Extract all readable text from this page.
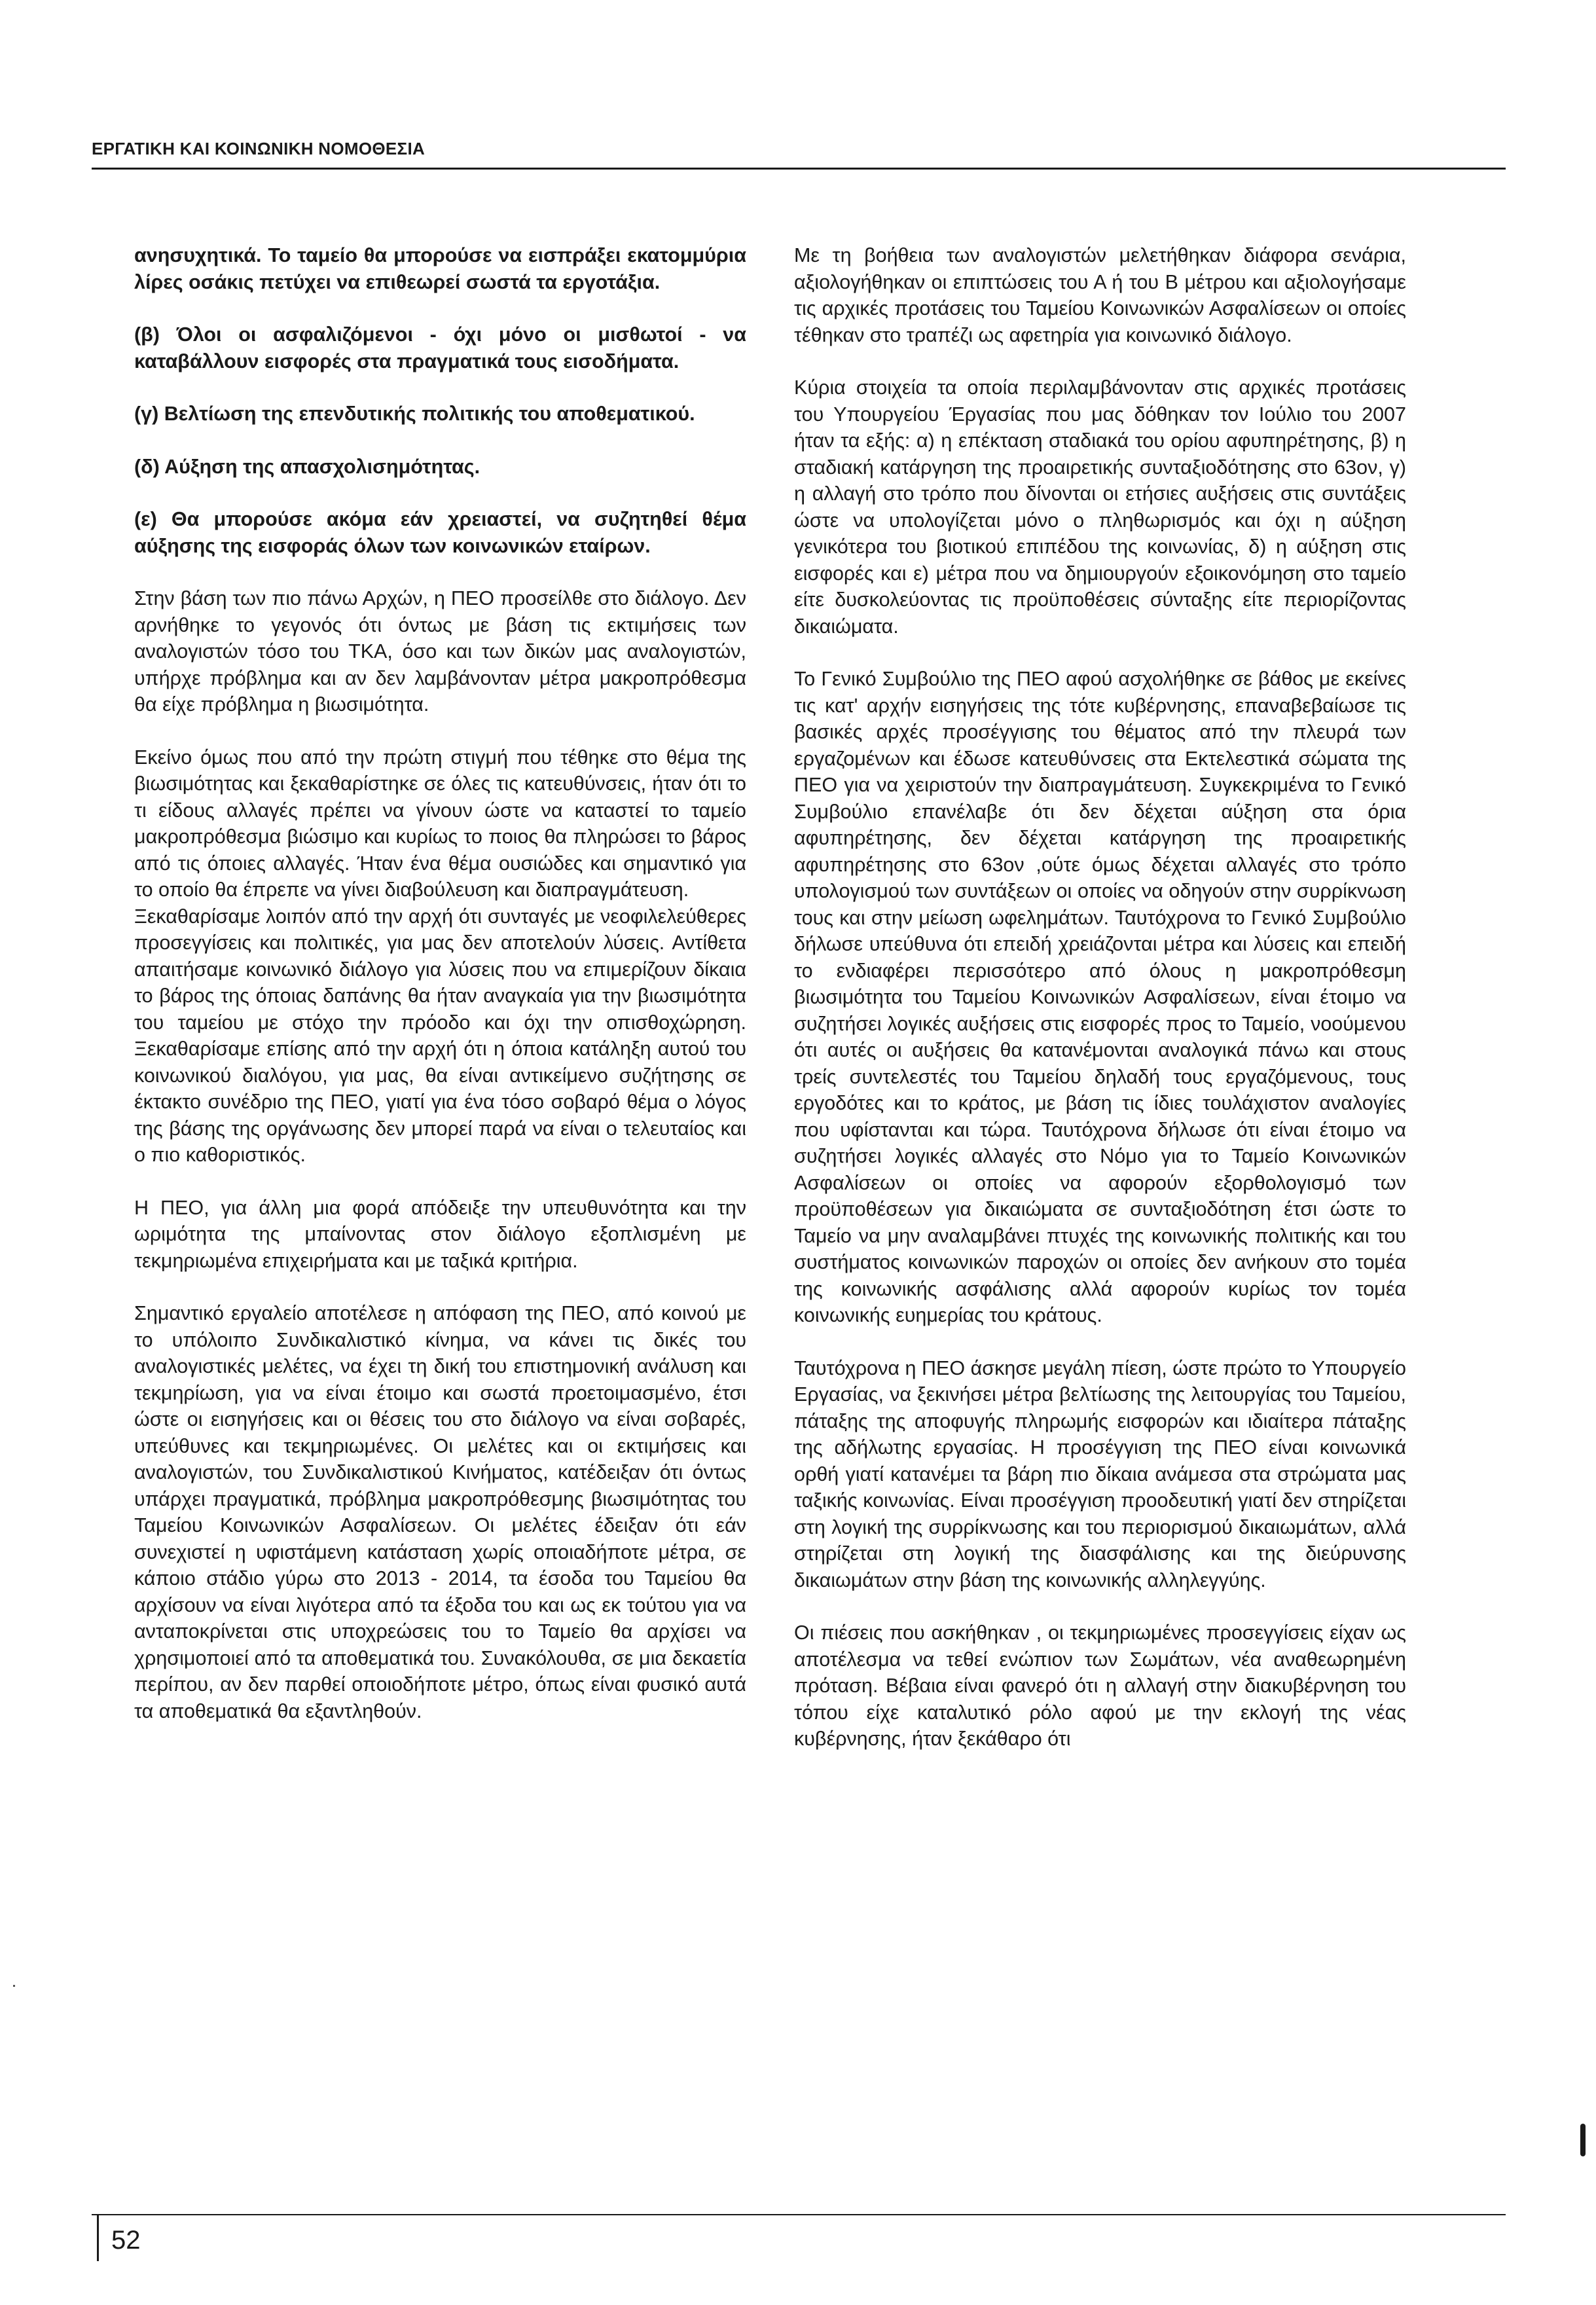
ΕΡΓΑΤΙΚΗ ΚΑΙ ΚΟΙΝΩΝΙΚΗ ΝΟΜΟΘΕΣΙΑ

ανησυχητικά. Το ταμείο θα μπορούσε να εισπράξει εκατομμύρια λίρες οσάκις πετύχει να επιθεωρεί σωστά τα εργοτάξια.

(β) Όλοι οι ασφαλιζόμενοι - όχι μόνο οι μισθωτοί - να καταβάλλουν εισφορές στα πραγματικά τους εισοδήματα.

(γ) Βελτίωση της επενδυτικής πολιτικής του αποθεματικού.

(δ) Αύξηση της απασχολισημότητας.

(ε) Θα μπορούσε ακόμα εάν χρειαστεί, να συζητηθεί θέμα αύξησης της εισφοράς όλων των κοινωνικών εταίρων.

Στην βάση των πιο πάνω Αρχών, η ΠΕΟ προσείλθε στο διάλογο. Δεν αρνήθηκε το γεγονός ότι όντως με βάση τις εκτιμήσεις των αναλογιστών τόσο του ΤΚΑ, όσο και των δικών μας αναλογιστών, υπήρχε πρόβλημα και αν δεν λαμβάνονταν μέτρα μακροπρόθεσμα θα είχε πρόβλημα η βιωσιμότητα.

Εκείνο όμως που από την πρώτη στιγμή που τέθηκε στο θέμα της βιωσιμότητας και ξεκαθαρίστηκε σε όλες τις κατευθύνσεις, ήταν ότι το τι είδους αλλαγές πρέπει να γίνουν ώστε να καταστεί το ταμείο μακροπρόθεσμα βιώσιμο και κυρίως το ποιος θα πληρώσει το βάρος από τις όποιες αλλαγές. Ήταν ένα θέμα ουσιώδες και σημαντικό για το οποίο θα έπρεπε να γίνει διαβούλευση και διαπραγμάτευση.

Ξεκαθαρίσαμε λοιπόν από την αρχή ότι συνταγές με νεοφιλελεύθερες προσεγγίσεις και πολιτικές, για μας δεν αποτελούν λύσεις. Αντίθετα απαιτήσαμε κοινωνικό διάλογο για λύσεις που να επιμερίζουν δίκαια το βάρος της όποιας δαπάνης θα ήταν αναγκαία για την βιωσιμότητα του ταμείου με στόχο την πρόοδο και όχι την οπισθοχώρηση. Ξεκαθαρίσαμε επίσης από την αρχή ότι η όποια κατάληξη αυτού του κοινωνικού διαλόγου, για μας, θα είναι αντικείμενο συζήτησης σε έκτακτο συνέδριο της ΠΕΟ, γιατί για ένα τόσο σοβαρό θέμα ο λόγος της βάσης της οργάνωσης δεν μπορεί παρά να είναι ο τελευταίος και ο πιο καθοριστικός.

Η ΠΕΟ, για άλλη μια φορά απόδειξε την υπευθυνότητα και την ωριμότητα της μπαίνοντας στον διάλογο εξοπλισμένη με τεκμηριωμένα επιχειρήματα και με ταξικά κριτήρια.

Σημαντικό εργαλείο αποτέλεσε η απόφαση της ΠΕΟ, από κοινού με το υπόλοιπο Συνδικαλιστικό κίνημα, να κάνει τις δικές του αναλογιστικές μελέτες, να έχει τη δική του επιστημονική ανάλυση και τεκμηρίωση, για να είναι έτοιμο και σωστά προετοιμασμένο, έτσι ώστε οι εισηγήσεις και οι θέσεις του στο διάλογο να είναι σοβαρές, υπεύθυνες και τεκμηριωμένες. Οι μελέτες και οι εκτιμήσεις και αναλογιστών, του Συνδικαλιστικού Κινήματος, κατέδειξαν ότι όντως υπάρχει πραγματικά, πρόβλημα μακροπρόθεσμης βιωσιμότητας του Ταμείου Κοινωνικών Ασφαλίσεων. Οι μελέτες έδειξαν ότι εάν συνεχιστεί η υφιστάμενη κατάσταση χωρίς οποιαδήποτε μέτρα, σε κάποιο στάδιο γύρω στο 2013 - 2014, τα έσοδα του Ταμείου θα αρχίσουν να είναι λιγότερα από τα έξοδα του και ως εκ τούτου για να ανταποκρίνεται στις υποχρεώσεις του το Ταμείο θα αρχίσει να χρησιμοποιεί από τα αποθεματικά του. Συνακόλουθα, σε μια δεκαετία περίπου, αν δεν παρθεί οποιοδήποτε μέτρο, όπως είναι φυσικό αυτά τα αποθεματικά θα εξαντληθούν.

Με τη βοήθεια των αναλογιστών μελετήθηκαν διάφορα σενάρια, αξιολογήθηκαν οι επιπτώσεις του Α ή του Β μέτρου και αξιολογήσαμε τις αρχικές προτάσεις του Ταμείου Κοινωνικών Ασφαλίσεων οι οποίες τέθηκαν στο τραπέζι ως αφετηρία για κοινωνικό διάλογο.

Κύρια στοιχεία τα οποία περιλαμβάνονταν στις αρχικές προτάσεις του Υπουργείου Έργασίας που μας δόθηκαν τον Ιούλιο του 2007 ήταν τα εξής: α) η επέκταση σταδιακά του ορίου αφυπηρέτησης, β) η σταδιακή κατάργηση της προαιρετικής συνταξιοδότησης στο 63ον, γ) η αλλαγή στο τρόπο που δίνονται οι ετήσιες αυξήσεις στις συντάξεις ώστε να υπολογίζεται μόνο ο πληθωρισμός και όχι η αύξηση γενικότερα του βιοτικού επιπέδου της κοινωνίας, δ) η αύξηση στις εισφορές και ε) μέτρα που να δημιουργούν εξοικονόμηση στο ταμείο είτε δυσκολεύοντας τις προϋποθέσεις σύνταξης είτε περιορίζοντας δικαιώματα.

Το Γενικό Συμβούλιο της ΠΕΟ αφού ασχολήθηκε σε βάθος με εκείνες τις κατ' αρχήν εισηγήσεις της τότε κυβέρνησης, επαναβεβαίωσε τις βασικές αρχές προσέγγισης του θέματος από την πλευρά των εργαζομένων και έδωσε κατευθύνσεις στα Εκτελεστικά σώματα της ΠΕΟ για να χειριστούν την διαπραγμάτευση. Συγκεκριμένα το Γενικό Συμβούλιο επανέλαβε ότι δεν δέχεται αύξηση στα όρια αφυπηρέτησης, δεν δέχεται κατάργηση της προαιρετικής αφυπηρέτησης στο 63ον ,ούτε όμως δέχεται αλλαγές στο τρόπο υπολογισμού των συντάξεων οι οποίες να οδηγούν στην συρρίκνωση τους και στην μείωση ωφελημάτων. Ταυτόχρονα το Γενικό Συμβούλιο δήλωσε υπεύθυνα ότι επειδή χρειάζονται μέτρα και λύσεις και επειδή το ενδιαφέρει περισσότερο από όλους η μακροπρόθεσμη βιωσιμότητα του Ταμείου Κοινωνικών Ασφαλίσεων, είναι έτοιμο να συζητήσει λογικές αυξήσεις στις εισφορές προς το Ταμείο, νοούμενου ότι αυτές οι αυξήσεις θα κατανέμονται αναλογικά πάνω και στους τρείς συντελεστές του Ταμείου δηλαδή τους εργαζόμενους, τους εργοδότες και το κράτος, με βάση τις ίδιες τουλάχιστον αναλογίες που υφίστανται και τώρα. Ταυτόχρονα δήλωσε ότι είναι έτοιμο να συζητήσει λογικές αλλαγές στο Νόμο για το Ταμείο Κοινωνικών Ασφαλίσεων οι οποίες να αφορούν εξορθολογισμό των προϋποθέσεων για δικαιώματα σε συνταξιοδότηση έτσι ώστε το Ταμείο να μην αναλαμβάνει πτυχές της κοινωνικής πολιτικής και του συστήματος κοινωνικών παροχών οι οποίες δεν ανήκουν στο τομέα της κοινωνικής ασφάλισης αλλά αφορούν κυρίως τον τομέα κοινωνικής ευημερίας του κράτους.

Ταυτόχρονα η ΠΕΟ άσκησε μεγάλη πίεση, ώστε πρώτο το Υπουργείο Εργασίας, να ξεκινήσει μέτρα βελτίωσης της λειτουργίας του Ταμείου, πάταξης της αποφυγής πληρωμής εισφορών και ιδιαίτερα πάταξης της αδήλωτης εργασίας. Η προσέγγιση της ΠΕΟ είναι κοινωνικά ορθή γιατί κατανέμει τα βάρη πιο δίκαια ανάμεσα στα στρώματα μας ταξικής κοινωνίας. Είναι προσέγγιση προοδευτική γιατί δεν στηρίζεται στη λογική της συρρίκνωσης και του περιορισμού δικαιωμάτων, αλλά στηρίζεται στη λογική της διασφάλισης και της διεύρυνσης δικαιωμάτων στην βάση της κοινωνικής αλληλεγγύης.

Οι πιέσεις που ασκήθηκαν , οι τεκμηριωμένες προσεγγίσεις είχαν ως αποτέλεσμα να τεθεί ενώπιον των Σωμάτων, νέα αναθεωρημένη πρόταση. Βέβαια είναι φανερό ότι η αλλαγή στην διακυβέρνηση του τόπου είχε καταλυτικό ρόλο αφού με την εκλογή της νέας κυβέρνησης, ήταν ξεκάθαρο ότι

52
